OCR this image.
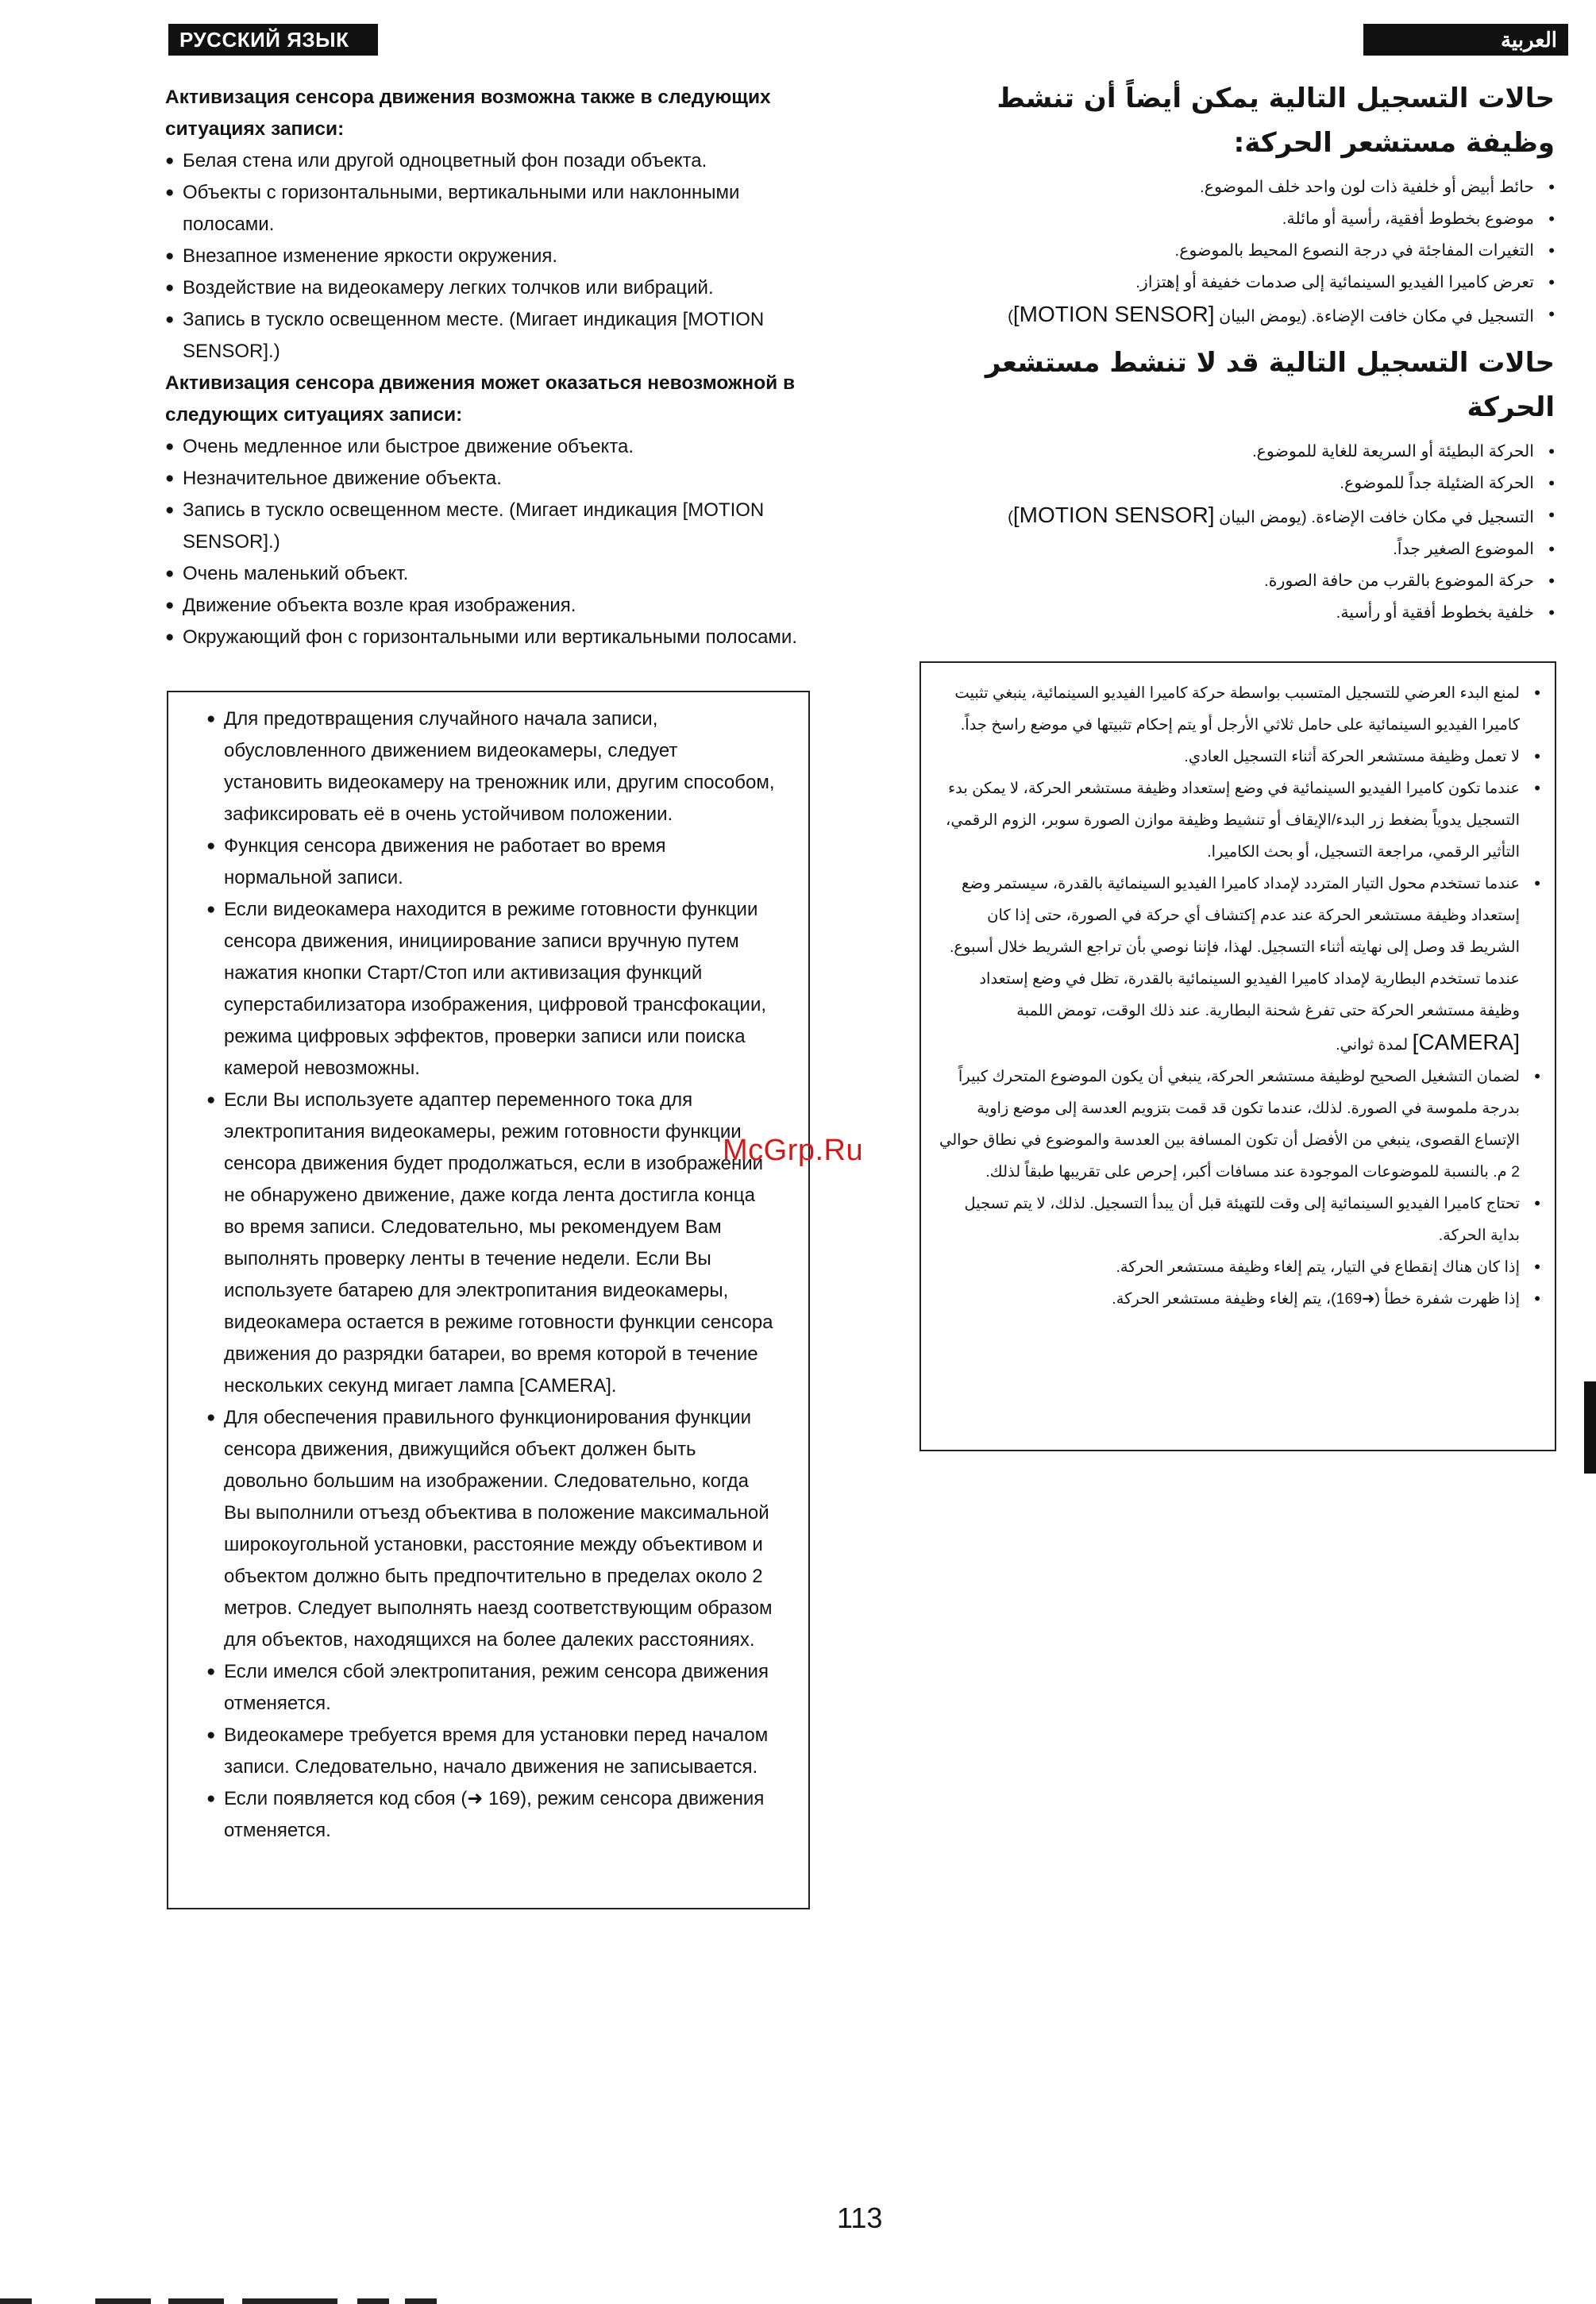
РУССКИЙ ЯЗЫК	العربية
Активизация сенсора движения возможна также в следующих ситуациях записи:
● Белая стена или другой одноцветный фон позади объекта.
● Объекты с горизонтальными, вертикальными или наклонными полосами.
● Внезапное изменение яркости окружения.
● Воздействие на видеокамеру легких толчков или вибраций.
● Запись в тускло освещенном месте. (Мигает индикация [MOTION SENSOR].)
Активизация сенсора движения может оказаться невозможной в следующих ситуациях записи:
● Очень медленное или быстрое движение объекта.
● Незначительное движение объекта.
● Запись в тускло освещенном месте. (Мигает индикация [MOTION SENSOR].)
● Очень маленький объект.
● Движение объекта возле края изображения.
● Окружающий фон с горизонтальными или вертикальными полосами.
● Для предотвращения случайного начала записи, обусловленного движением видеокамеры, следует установить видеокамеру на треножник или, другим способом, зафиксировать её в очень устойчивом положении.
● Функция сенсора движения не работает во время нормальной записи.
● Если видеокамера находится в режиме готовности функции сенсора движения, инициирование записи вручную путем нажатия кнопки Старт/Стоп или активизация функций суперстабилизатора изображения, цифровой трансфокации, режима цифровых эффектов, проверки записи или поиска камерой невозможны.
● Если Вы используете адаптер переменного тока для электропитания видеокамеры, режим готовности функции сенсора движения будет продолжаться, если в изображении не обнаружено движение, даже когда лента достигла конца во время записи. Следовательно, мы рекомендуем Вам выполнять проверку ленты в течение недели. Если Вы используете батарею для электропитания видеокамеры, видеокамера остается в режиме готовности функции сенсора движения до разрядки батареи, во время которой в течение нескольких секунд мигает лампа [CAMERA].
● Для обеспечения правильного функционирования функции сенсора движения, движущийся объект должен быть довольно большим на изображении. Следовательно, когда Вы выполнили отъезд объектива в положение максимальной широкоугольной установки, расстояние между объективом и объектом должно быть предпочтительно в пределах около 2 метров. Следует выполнять наезд соответствующим образом для объектов, находящихся на более далеких расстояниях.
● Если имелся сбой электропитания, режим сенсора движения отменяется.
● Видеокамере требуется время для установки перед началом записи. Следовательно, начало движения не записывается.
● Если появляется код сбоя (➜ 169), режим сенсора движения отменяется.
حالات التسجيل التالية يمكن أيضاً أن تنشط وظيفة مستشعر الحركة:
• حائط أبيض أو خلفية ذات لون واحد خلف الموضوع.
• موضوع بخطوط أفقية، رأسية أو مائلة.
• التغيرات المفاجئة في درجة النصوع المحيط بالموضوع.
• تعرض كاميرا الفيديو السينمائية إلى صدمات خفيفة أو إهتزاز.
• التسجيل في مكان خافت الإضاءة. (يومض البيان [MOTION SENSOR])
حالات التسجيل التالية قد لا تنشط مستشعر الحركة
• الحركة البطيئة أو السريعة للغاية للموضوع.
• الحركة الضئيلة جداً للموضوع.
• التسجيل في مكان خافت الإضاءة. (يومض البيان [MOTION SENSOR])
• الموضوع الصغير جداً.
• حركة الموضوع بالقرب من حافة الصورة.
• خلفية بخطوط أفقية أو رأسية.
• لمنع البدء العرضي للتسجيل المتسبب بواسطة حركة كاميرا الفيديو السينمائية، ينبغي تثبيت كاميرا الفيديو السينمائية على حامل ثلاثي الأرجل أو يتم إحكام تثبيتها في موضع راسخ جداً.
• لا تعمل وظيفة مستشعر الحركة أثناء التسجيل العادي.
• عندما تكون كاميرا الفيديو السينمائية في وضع إستعداد وظيفة مستشعر الحركة، لا يمكن بدء التسجيل يدوياً بضغط زر البدء/الإيقاف أو تنشيط وظيفة موازن الصورة سوبر، الزوم الرقمي، التأثير الرقمي، مراجعة التسجيل، أو بحث الكاميرا.
• عندما تستخدم محول التيار المتردد لإمداد كاميرا الفيديو السينمائية بالقدرة، سيستمر وضع إستعداد وظيفة مستشعر الحركة عند عدم إكتشاف أي حركة في الصورة، حتى إذا كان الشريط قد وصل إلى نهايته أثناء التسجيل. لهذا، فإننا نوصي بأن تراجع الشريط خلال أسبوع. عندما تستخدم البطارية لإمداد كاميرا الفيديو السينمائية بالقدرة، تظل في وضع إستعداد وظيفة مستشعر الحركة حتى تفرغ شحنة البطارية. عند ذلك الوقت، تومض اللمبة [CAMERA] لمدة ثواني.
• لضمان التشغيل الصحيح لوظيفة مستشعر الحركة، ينبغي أن يكون الموضوع المتحرك كبيراً بدرجة ملموسة في الصورة. لذلك، عندما تكون قد قمت بتزويم العدسة إلى موضع زاوية الإتساع القصوى، ينبغي من الأفضل أن تكون المسافة بين العدسة والموضوع في نطاق حوالي 2 م. بالنسبة للموضوعات الموجودة عند مسافات أكبر، إحرص على تقريبها طبقاً لذلك.
• تحتاج كاميرا الفيديو السينمائية إلى وقت للتهيئة قبل أن يبدأ التسجيل. لذلك، لا يتم تسجيل بداية الحركة.
• إذا كان هناك إنقطاع في التيار، يتم إلغاء وظيفة مستشعر الحركة.
• إذا ظهرت شفرة خطأ (➜169)، يتم إلغاء وظيفة مستشعر الحركة.
McGrp.Ru
113
